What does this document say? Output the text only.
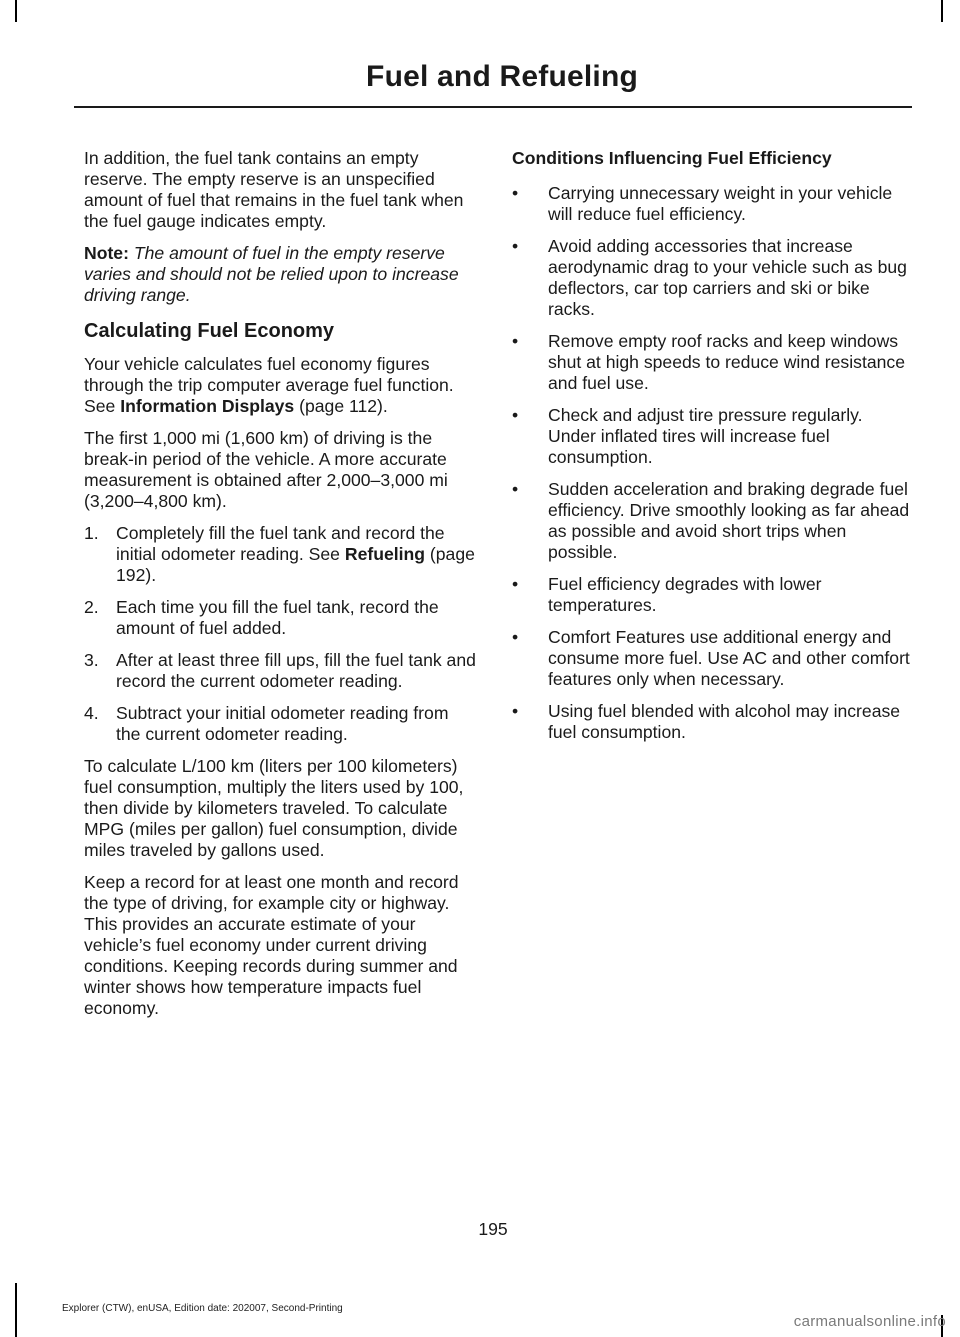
Fuel and Refueling

In addition, the fuel tank contains an empty reserve. The empty reserve is an unspecified amount of fuel that remains in the fuel tank when the fuel gauge indicates empty.

Note: The amount of fuel in the empty reserve varies and should not be relied upon to increase driving range.

Calculating Fuel Economy

Your vehicle calculates fuel economy figures through the trip computer average fuel function. See Information Displays (page 112).

The first 1,000 mi (1,600 km) of driving is the break-in period of the vehicle. A more accurate measurement is obtained after 2,000–3,000 mi (3,200–4,800 km).

1. Completely fill the fuel tank and record the initial odometer reading. See Refueling (page 192).
2. Each time you fill the fuel tank, record the amount of fuel added.
3. After at least three fill ups, fill the fuel tank and record the current odometer reading.
4. Subtract your initial odometer reading from the current odometer reading.

To calculate L/100 km (liters per 100 kilometers) fuel consumption, multiply the liters used by 100, then divide by kilometers traveled. To calculate MPG (miles per gallon) fuel consumption, divide miles traveled by gallons used.

Keep a record for at least one month and record the type of driving, for example city or highway. This provides an accurate estimate of your vehicle’s fuel economy under current driving conditions. Keeping records during summer and winter shows how temperature impacts fuel economy.

Conditions Influencing Fuel Efficiency
• Carrying unnecessary weight in your vehicle will reduce fuel efficiency.
• Avoid adding accessories that increase aerodynamic drag to your vehicle such as bug deflectors, car top carriers and ski or bike racks.
• Remove empty roof racks and keep windows shut at high speeds to reduce wind resistance and fuel use.
• Check and adjust tire pressure regularly. Under inflated tires will increase fuel consumption.
• Sudden acceleration and braking degrade fuel efficiency. Drive smoothly looking as far ahead as possible and avoid short trips when possible.
• Fuel efficiency degrades with lower temperatures.
• Comfort Features use additional energy and consume more fuel. Use AC and other comfort features only when necessary.
• Using fuel blended with alcohol may increase fuel consumption.
195
Explorer (CTW), enUSA, Edition date: 202007, Second-Printing
carmanualsonline.info
